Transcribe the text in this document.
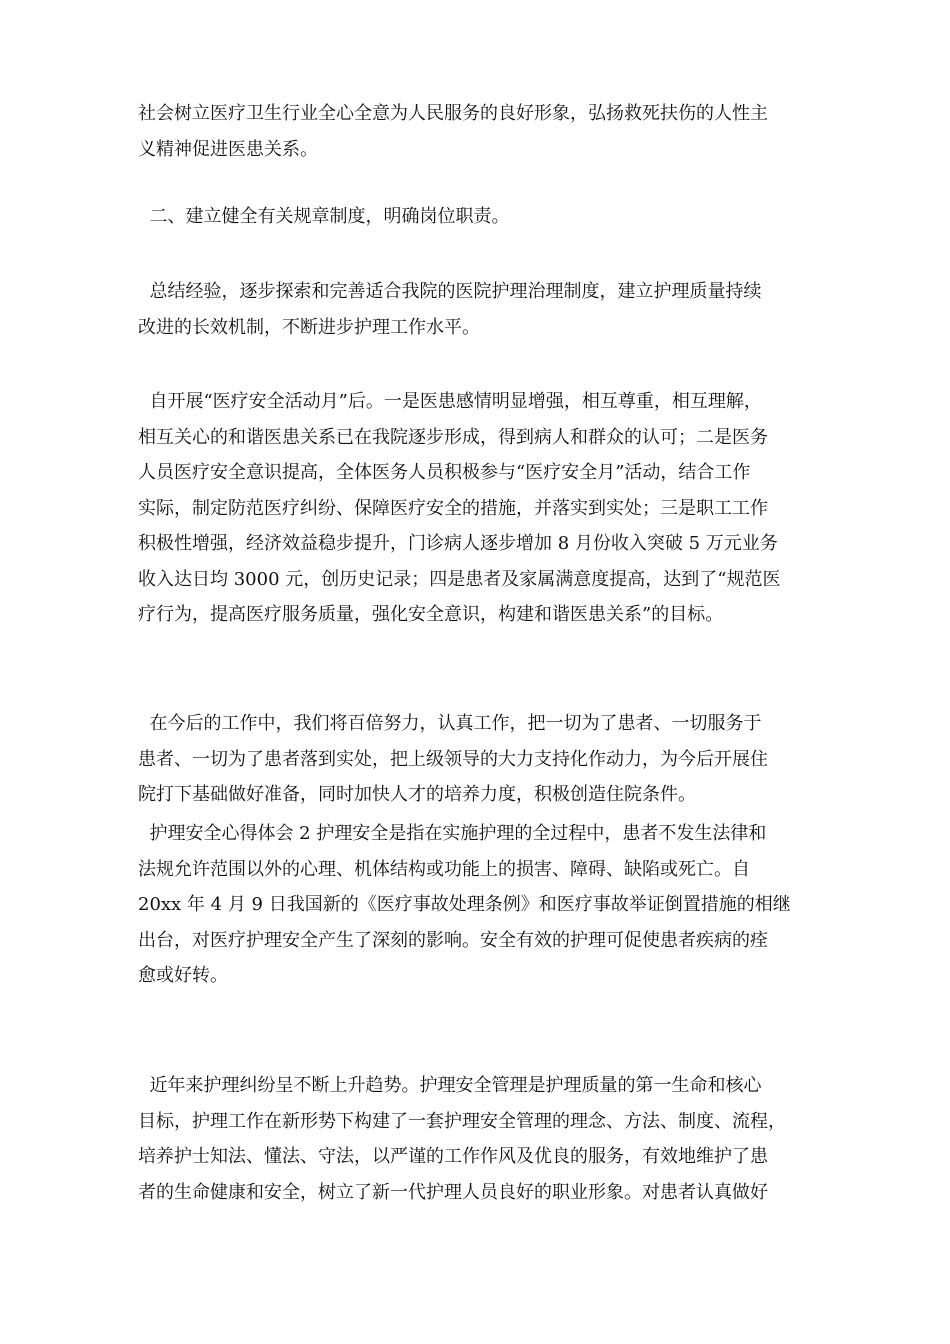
社会树立医疗卫生行业全心全意为人民服务的良好形象，弘扬救死扶伤的人性主
义精神促进医患关系。

二、建立健全有关规章制度，明确岗位职责。

总结经验，逐步探索和完善适合我院的医院护理治理制度，建立护理质量持续
改进的长效机制，不断进步护理工作水平。

自开展“医疗安全活动月”后。一是医患感情明显增强，相互尊重，相互理解，
相互关心的和谐医患关系已在我院逐步形成，得到病人和群众的认可；二是医务
人员医疗安全意识提高，全体医务人员积极参与“医疗安全月”活动，结合工作
实际，制定防范医疗纠纷、保障医疗安全的措施，并落实到实处；三是职工工作
积极性增强，经济效益稳步提升，门诊病人逐步增加 8 月份收入突破 5 万元业务
收入达日均 3000 元，创历史记录；四是患者及家属满意度提高，达到了“规范医
疗行为，提高医疗服务质量，强化安全意识，构建和谐医患关系”的目标。

在今后的工作中，我们将百倍努力，认真工作，把一切为了患者、一切服务于
患者、一切为了患者落到实处，把上级领导的大力支持化作动力，为今后开展住
院打下基础做好准备，同时加快人才的培养力度，积极创造住院条件。

护理安全心得体会 2 护理安全是指在实施护理的全过程中，患者不发生法律和
法规允许范围以外的心理、机体结构或功能上的损害、障碍、缺陷或死亡。自
20xx 年 4 月 9 日我国新的《医疗事故处理条例》和医疗事故举证倒置措施的相继
出台，对医疗护理安全产生了深刻的影响。安全有效的护理可促使患者疾病的痊
愈或好转。

近年来护理纠纷呈不断上升趋势。护理安全管理是护理质量的第一生命和核心
目标，护理工作在新形势下构建了一套护理安全管理的理念、方法、制度、流程，
培养护士知法、懂法、守法，以严谨的工作作风及优良的服务，有效地维护了患
者的生命健康和安全，树立了新一代护理人员良好的职业形象。对患者认真做好
